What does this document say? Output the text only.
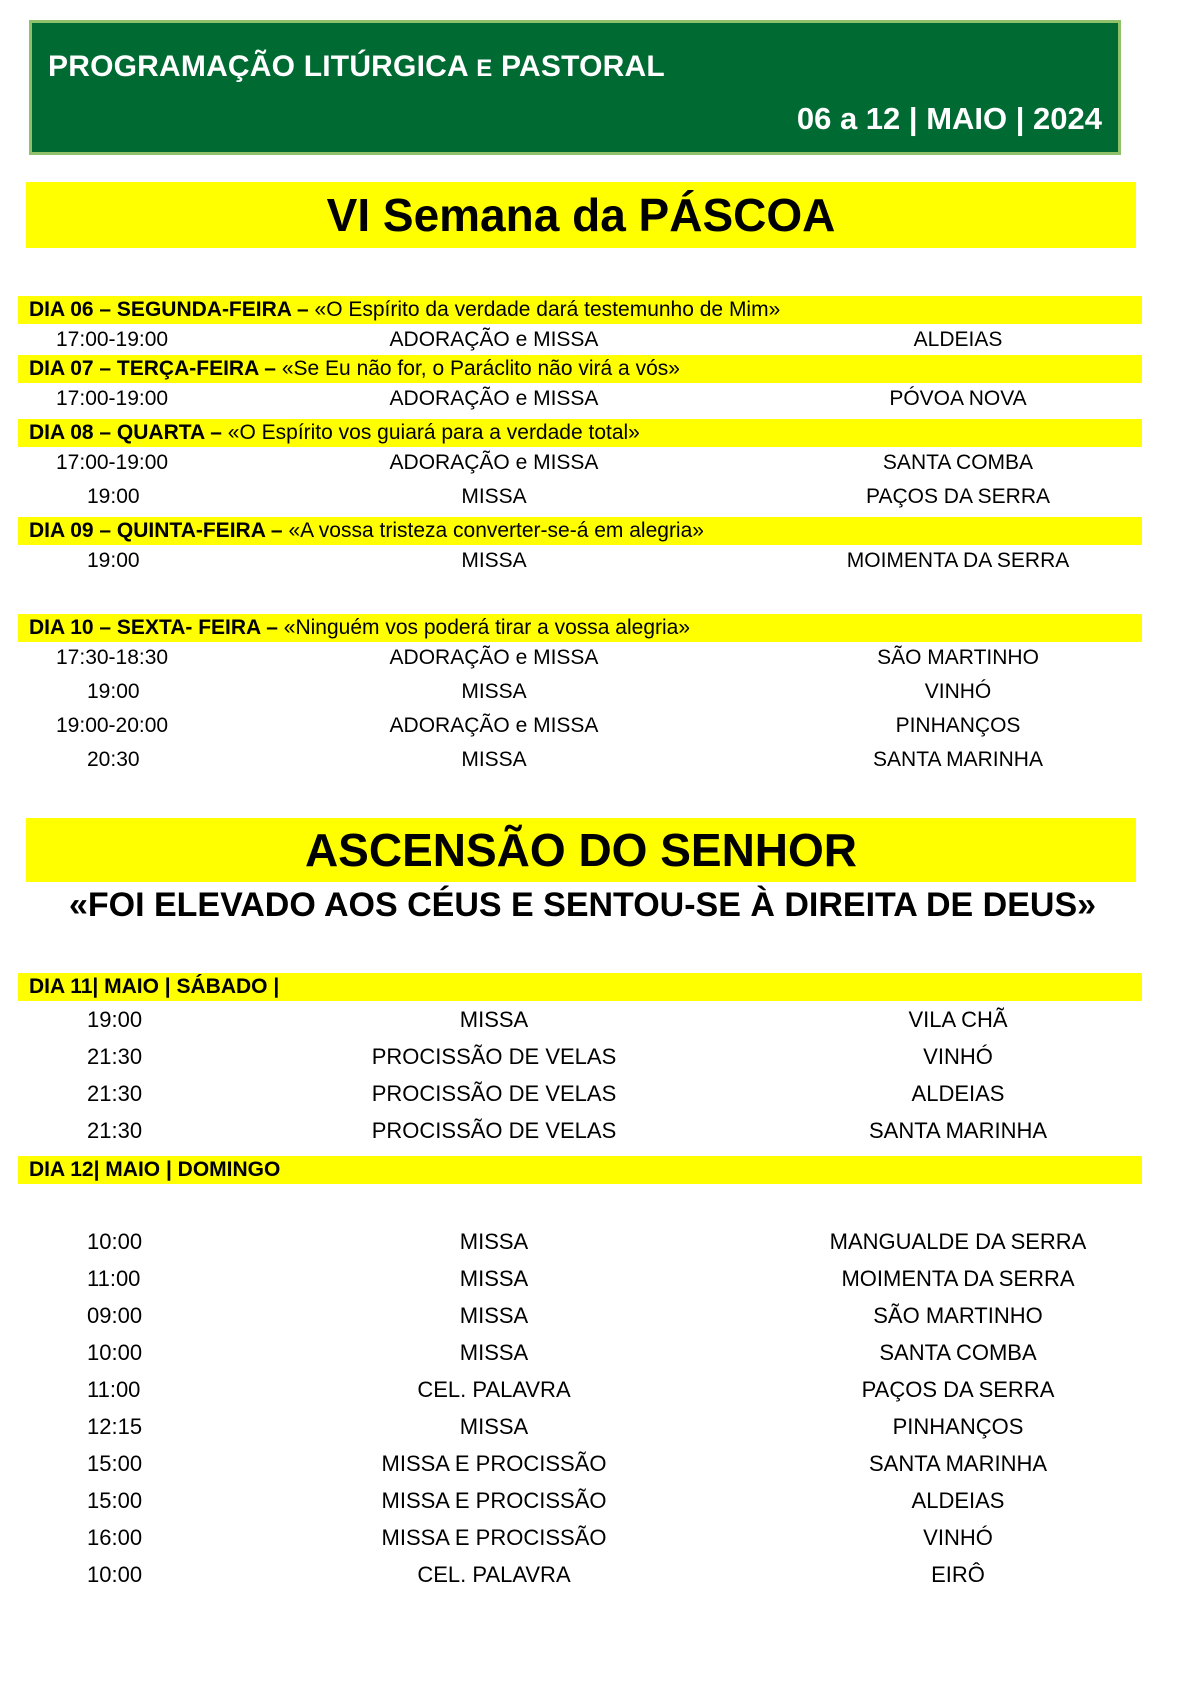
PROGRAMAÇÃO LITÚRGICA E PASTORAL
06 a 12 | MAIO | 2024
VI Semana da PÁSCOA
DIA 06 – SEGUNDA-FEIRA – «O Espírito da verdade dará testemunho de Mim»
17:00-19:00	ADORAÇÃO e MISSA	ALDEIAS
DIA 07 – TERÇA-FEIRA – «Se Eu não for, o Paráclito não virá a vós»
17:00-19:00	ADORAÇÃO e MISSA	PÓVOA NOVA
DIA 08 – QUARTA – «O Espírito vos guiará para a verdade total»
17:00-19:00	ADORAÇÃO e MISSA	SANTA COMBA
19:00	MISSA	PAÇOS DA SERRA
DIA 09 – QUINTA-FEIRA – «A vossa tristeza converter-se-á em alegria»
19:00	MISSA	MOIMENTA DA SERRA
DIA 10 – SEXTA- FEIRA – «Ninguém vos poderá tirar a vossa alegria»
17:30-18:30	ADORAÇÃO e MISSA	SÃO MARTINHO
19:00	MISSA	VINHÓ
19:00-20:00	ADORAÇÃO e MISSA	PINHANÇOS
20:30	MISSA	SANTA MARINHA
ASCENSÃO DO SENHOR
«FOI ELEVADO AOS CÉUS E SENTOU-SE À DIREITA DE DEUS»
DIA 11| MAIO | SÁBADO |
19:00	MISSA	VILA CHÃ
21:30	PROCISSÃO DE VELAS	VINHÓ
21:30	PROCISSÃO DE VELAS	ALDEIAS
21:30	PROCISSÃO DE VELAS	SANTA MARINHA
DIA 12| MAIO | DOMINGO
10:00	MISSA	MANGUALDE DA SERRA
11:00	MISSA	MOIMENTA DA SERRA
09:00	MISSA	SÃO MARTINHO
10:00	MISSA	SANTA COMBA
11:00	CEL. PALAVRA	PAÇOS DA SERRA
12:15	MISSA	PINHANÇOS
15:00	MISSA E PROCISSÃO	SANTA MARINHA
15:00	MISSA E PROCISSÃO	ALDEIAS
16:00	MISSA E PROCISSÃO	VINHÓ
10:00	CEL. PALAVRA	EIRÔ
